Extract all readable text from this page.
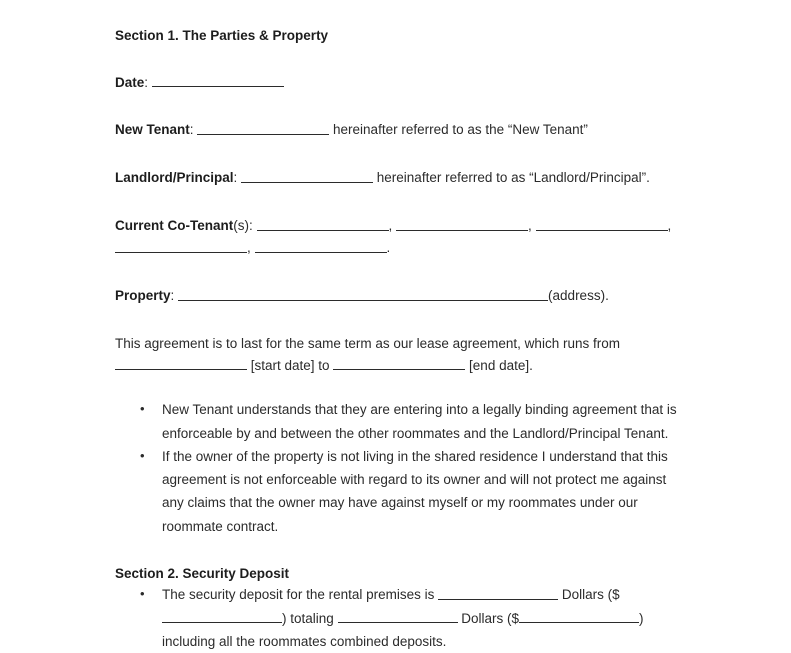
Section 1. The Parties & Property

Date:

New Tenant:	hereinafter referred to as the “New Tenant”

Landlord/Principal:	hereinafter referred to as “Landlord/Principal”.

Current Co-Tenant(s):	,	,	, ,	.

Property:	(address).

This agreement is to last for the same term as our lease agreement, which runs from

[start date] to	[end date].

• New Tenant understands that they are entering into a legally binding agreement that is enforceable by and between the other roommates and the Landlord/Principal Tenant.
• If the owner of the property is not living in the shared residence I understand that this agreement is not enforceable with regard to its owner and will not protect me against any claims that the owner may have against myself or my roommates under our roommate contract.

Section 2. Security Deposit

• The security deposit for the rental premises is	Dollars ($) totaling	Dollars ($	) including all the roommates combined deposits.
